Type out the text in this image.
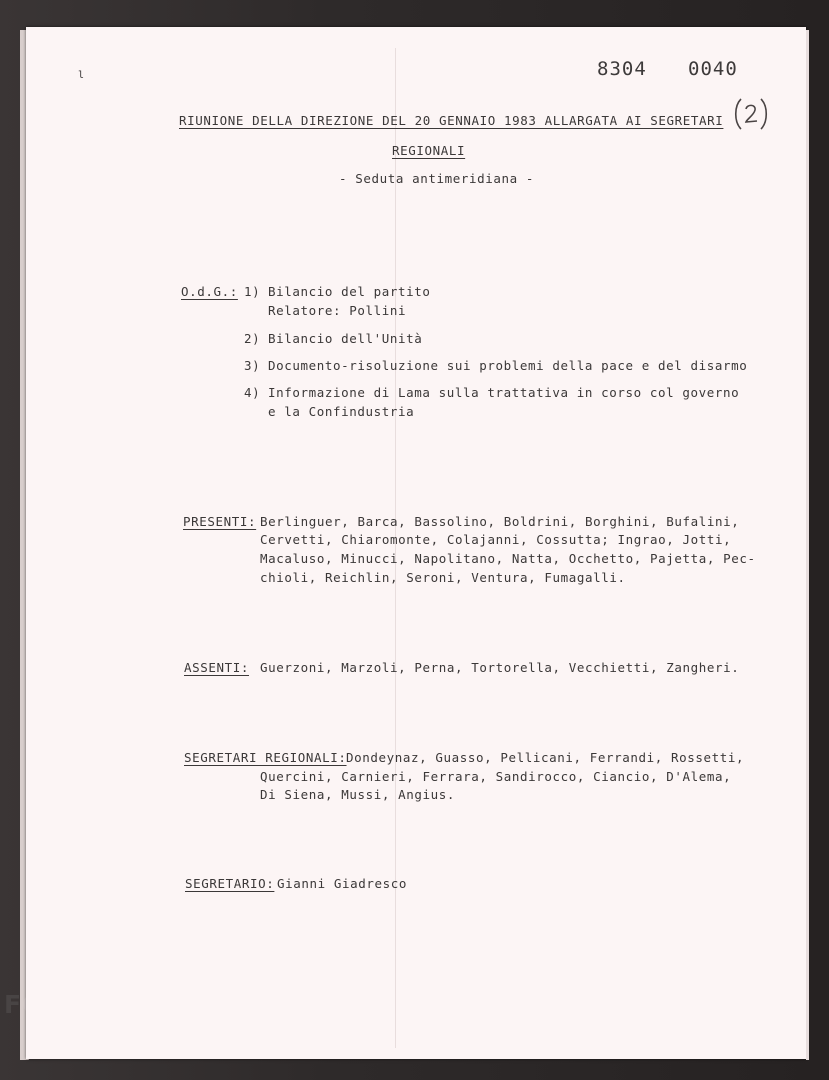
8304 0040
l
RIUNIONE DELLA DIREZIONE DEL 20 GENNAIO 1983 ALLARGATA AI SEGRETARI
REGIONALI
- Seduta antimeridiana -
O.d.G.: 1) Bilancio del partito
Relatore: Pollini
2) Bilancio dell'Unità
3) Documento-risoluzione sui problemi della pace e del disarmo
4) Informazione di Lama sulla trattativa in corso col governo
e la Confindustria
PRESENTI: Berlinguer, Barca, Bassolino, Boldrini, Borghini, Bufalini,
Cervetti, Chiaromonte, Colajanni, Cossutta; Ingrao, Jotti,
Macaluso, Minucci, Napolitano, Natta, Occhetto, Pajetta, Pec-
chioli, Reichlin, Seroni, Ventura, Fumagalli.
ASSENTI: Guerzoni, Marzoli, Perna, Tortorella, Vecchietti, Zangheri.
SEGRETARI REGIONALI: Dondeynaz, Guasso, Pellicani, Ferrandi, Rossetti,
Quercini, Carnieri, Ferrara, Sandirocco, Ciancio, D'Alema,
Di Siena, Mussi, Angius.
SEGRETARIO: Gianni Giadresco
FONDAZIONE
